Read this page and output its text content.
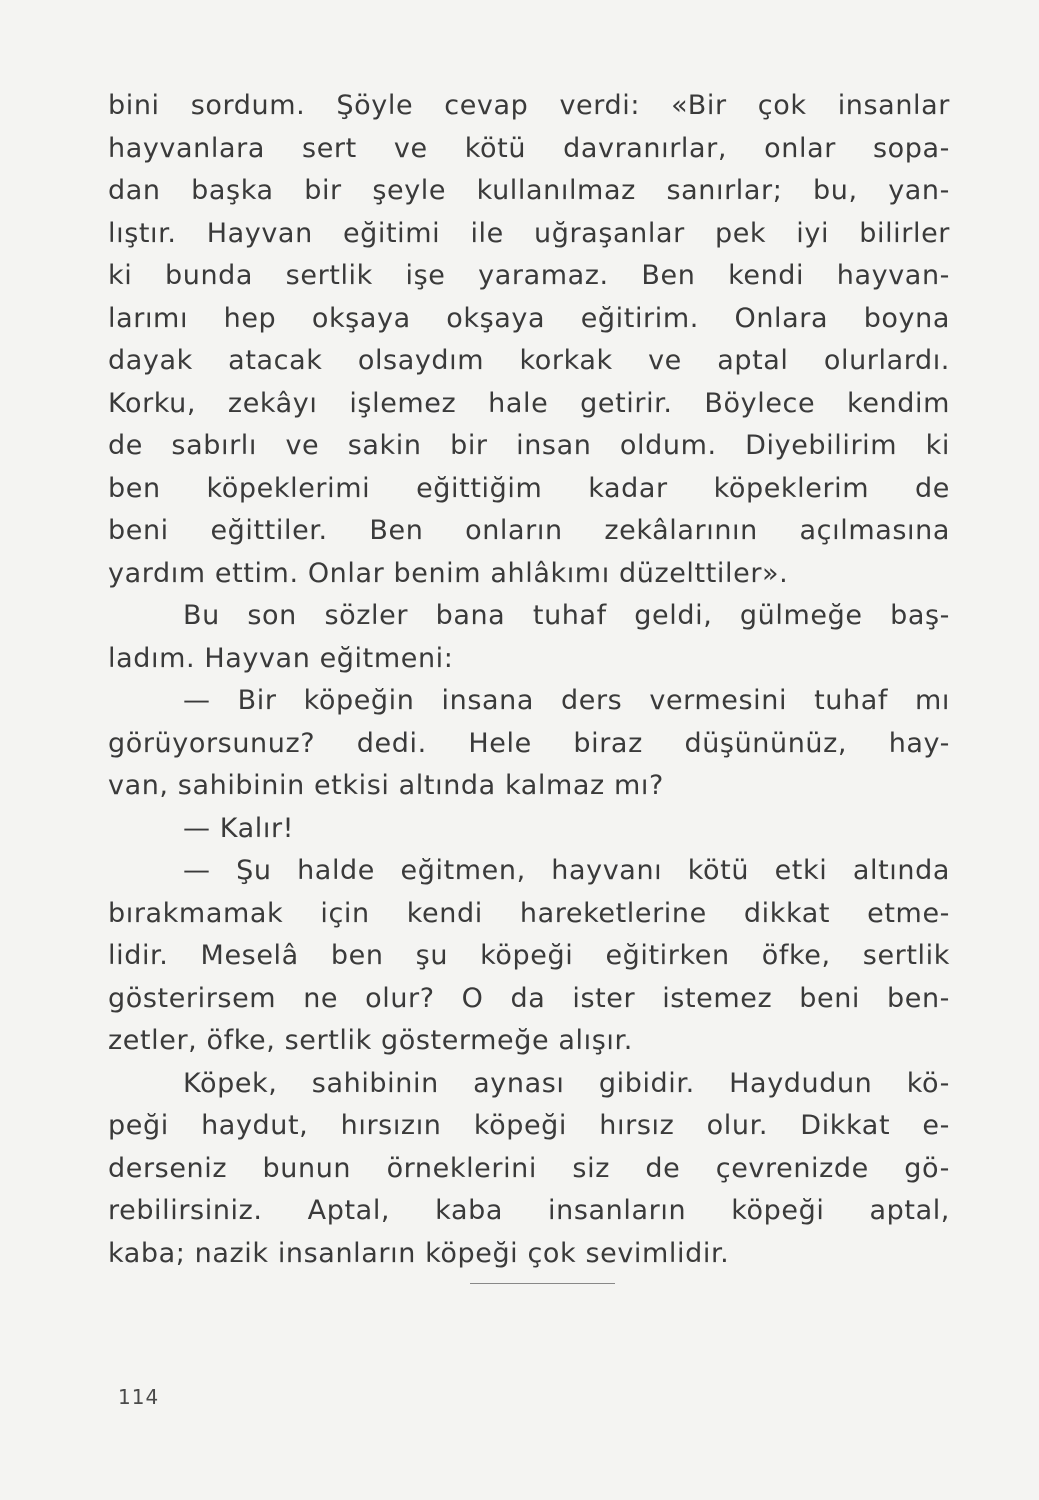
bini sordum. Şöyle cevap verdi: «Bir çok insanlar
hayvanlara sert ve kötü davranırlar, onlar sopa-
dan başka bir şeyle kullanılmaz sanırlar; bu, yan-
lıştır. Hayvan eğitimi ile uğraşanlar pek iyi bilirler
ki bunda sertlik işe yaramaz. Ben kendi hayvan-
larımı hep okşaya okşaya eğitirim. Onlara boyna
dayak atacak olsaydım korkak ve aptal olurlardı.
Korku, zekâyı işlemez hale getirir. Böylece kendim
de sabırlı ve sakin bir insan oldum. Diyebilirim ki
ben köpeklerimi eğittiğim kadar köpeklerim de
beni eğittiler. Ben onların zekâlarının açılmasına
yardım ettim. Onlar benim ahlâkımı düzelttiler».
Bu son sözler bana tuhaf geldi, gülmeğe baş-
ladım. Hayvan eğitmeni:
— Bir köpeğin insana ders vermesini tuhaf mı
görüyorsunuz? dedi. Hele biraz düşününüz, hay-
van, sahibinin etkisi altında kalmaz mı?
— Kalır!
— Şu halde eğitmen, hayvanı kötü etki altında
bırakmamak için kendi hareketlerine dikkat etme-
lidir. Meselâ ben şu köpeği eğitirken öfke, sertlik
gösterirsem ne olur? O da ister istemez beni ben-
zetler, öfke, sertlik göstermeğe alışır.
Köpek, sahibinin aynası gibidir. Haydudun kö-
peği haydut, hırsızın köpeği hırsız olur. Dikkat e-
derseniz bunun örneklerini siz de çevrenizde gö-
rebilirsiniz. Aptal, kaba insanların köpeği aptal,
kaba; nazik insanların köpeği çok sevimlidir.
114
